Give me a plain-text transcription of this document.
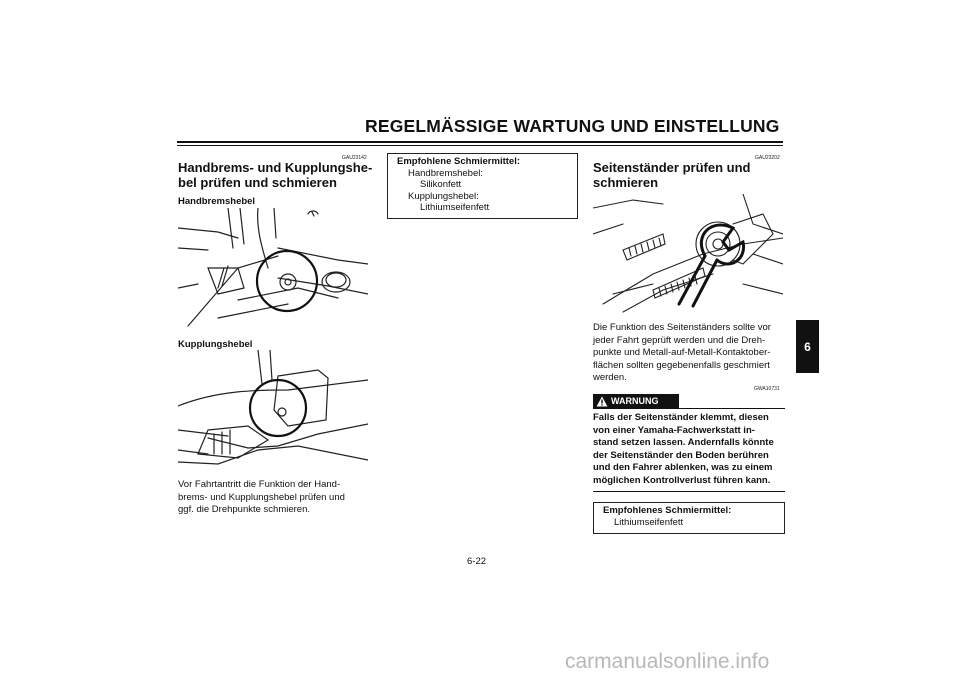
REGELMÄSSIGE WARTUNG UND EINSTELLUNG
6
GAU23142
Handbrems- und Kupplungshe-
bel prüfen und schmieren
Handbremshebel
Kupplungshebel
Vor Fahrtantritt die Funktion der Hand-
brems- und Kupplungshebel prüfen und
ggf. die Drehpunkte schmieren.
Empfohlene Schmiermittel:
Handbremshebel:
Silikonfett
Kupplungshebel:
Lithiumseifenfett
GAU23202
Seitenständer prüfen und
schmieren
Die Funktion des Seitenständers sollte vor
jeder Fahrt geprüft werden und die Dreh-
punkte und Metall-auf-Metall-Kontaktober-
flächen sollten gegebenenfalls geschmiert
werden.
GWA10731
WARNUNG
Falls der Seitenständer klemmt, diesen
von einer Yamaha-Fachwerkstatt in-
stand setzen lassen. Andernfalls könnte
der Seitenständer den Boden berühren
und den Fahrer ablenken, was zu einem
möglichen Kontrollverlust führen kann.
Empfohlenes Schmiermittel:
Lithiumseifenfett
6-22
carmanualsonline.info
